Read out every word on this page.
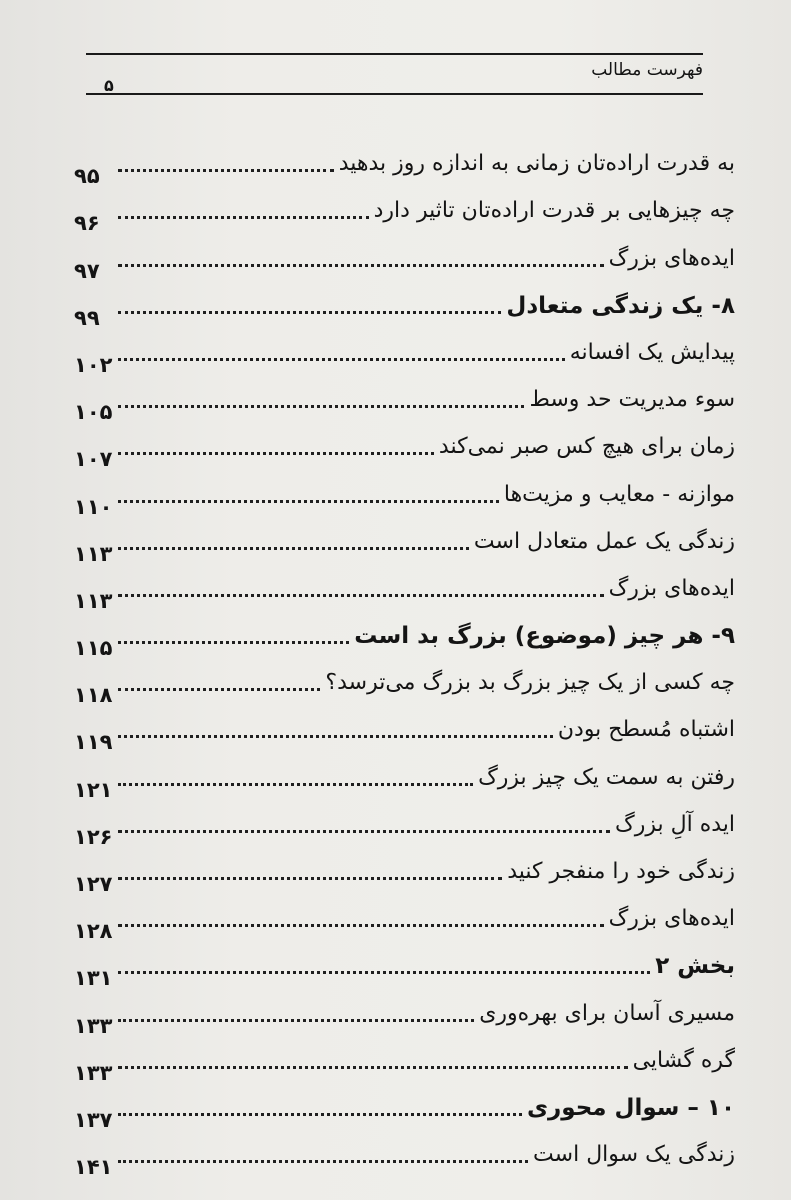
فهرست مطالب
۵
به قدرت اراده‌تان زمانی به اندازه روز بدهید
۹۵
چه چیزهایی بر قدرت اراده‌تان تاثیر دارد
۹۶
ایده‌های بزرگ
۹۷
۸- یک زندگی متعادل
۹۹
پیدایش یک افسانه
۱۰۲
سوء مدیریت حد وسط
۱۰۵
زمان برای هیچ کس صبر نمی‌کند
۱۰۷
موازنه - معایب و مزیت‌ها
۱۱۰
زندگی یک عمل متعادل است
۱۱۳
ایده‌های بزرگ
۱۱۳
۹- هر چیز (موضوع) بزرگ بد است
۱۱۵
چه کسی از یک چیز بزرگ بد بزرگ می‌ترسد؟
۱۱۸
اشتباه مُسطح بودن
۱۱۹
رفتن به سمت یک چیز بزرگ
۱۲۱
ایده آلِ بزرگ
۱۲۶
زندگی خود را منفجر کنید
۱۲۷
ایده‌های بزرگ
۱۲۸
بخش ۲
۱۳۱
مسیری آسان برای بهره‌وری
۱۳۳
گره گشایی
۱۳۳
۱۰ – سوال محوری
۱۳۷
زندگی یک سوال است
۱۴۱
